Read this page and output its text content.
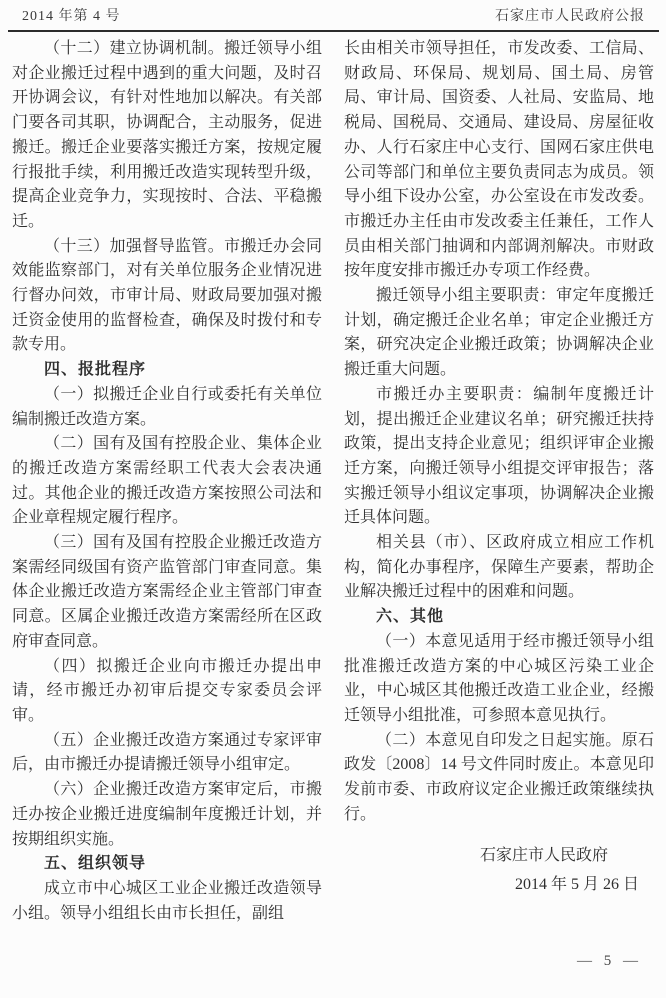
2014 年第 4 号	石家庄市人民政府公报

（十二）建立协调机制。搬迁领导小组对企业搬迁过程中遇到的重大问题，及时召开协调会议，有针对性地加以解决。有关部门要各司其职，协调配合，主动服务，促进搬迁。搬迁企业要落实搬迁方案，按规定履行报批手续，利用搬迁改造实现转型升级，提高企业竞争力，实现按时、合法、平稳搬迁。

（十三）加强督导监管。市搬迁办会同效能监察部门，对有关单位服务企业情况进行督办问效，市审计局、财政局要加强对搬迁资金使用的监督检查，确保及时拨付和专款专用。

四、报批程序

（一）拟搬迁企业自行或委托有关单位编制搬迁改造方案。

（二）国有及国有控股企业、集体企业的搬迁改造方案需经职工代表大会表决通过。其他企业的搬迁改造方案按照公司法和企业章程规定履行程序。

（三）国有及国有控股企业搬迁改造方案需经同级国有资产监管部门审查同意。集体企业搬迁改造方案需经企业主管部门审查同意。区属企业搬迁改造方案需经所在区政府审查同意。

（四）拟搬迁企业向市搬迁办提出申请，经市搬迁办初审后提交专家委员会评审。

（五）企业搬迁改造方案通过专家评审后，由市搬迁办提请搬迁领导小组审定。

（六）企业搬迁改造方案审定后，市搬迁办按企业搬迁进度编制年度搬迁计划，并按期组织实施。

五、组织领导

成立市中心城区工业企业搬迁改造领导小组。领导小组组长由市长担任，副组

长由相关市领导担任，市发改委、工信局、财政局、环保局、规划局、国土局、房管局、审计局、国资委、人社局、安监局、地税局、国税局、交通局、建设局、房屋征收办、人行石家庄中心支行、国网石家庄供电公司等部门和单位主要负责同志为成员。领导小组下设办公室，办公室设在市发改委。市搬迁办主任由市发改委主任兼任，工作人员由相关部门抽调和内部调剂解决。市财政按年度安排市搬迁办专项工作经费。

搬迁领导小组主要职责：审定年度搬迁计划，确定搬迁企业名单；审定企业搬迁方案，研究决定企业搬迁政策；协调解决企业搬迁重大问题。

市搬迁办主要职责：编制年度搬迁计划，提出搬迁企业建议名单；研究搬迁扶持政策，提出支持企业意见；组织评审企业搬迁方案，向搬迁领导小组提交评审报告；落实搬迁领导小组议定事项，协调解决企业搬迁具体问题。

相关县（市）、区政府成立相应工作机构，简化办事程序，保障生产要素，帮助企业解决搬迁过程中的困难和问题。

六、其他

（一）本意见适用于经市搬迁领导小组批准搬迁改造方案的中心城区污染工业企业，中心城区其他搬迁改造工业企业，经搬迁领导小组批准，可参照本意见执行。

（二）本意见自印发之日起实施。原石政发〔2008〕14 号文件同时废止。本意见印发前市委、市政府议定企业搬迁政策继续执行。

石家庄市人民政府
2014 年 5 月 26 日
— 5 —
